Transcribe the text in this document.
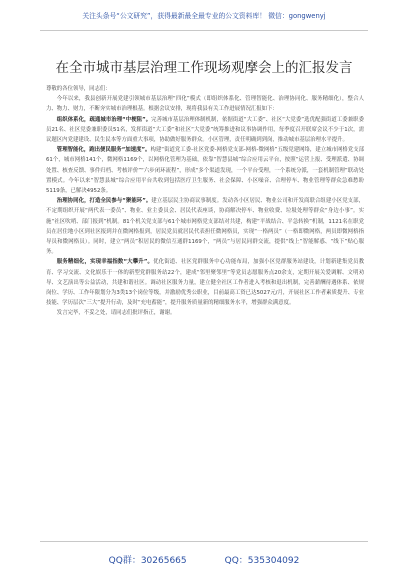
关注头条号“公文研究”，获得最新最全最专业的公文资料库！ 微信：gongwenyj
在全市城市基层治理工作现场观摩会上的汇报发言

尊敬的各位领导，同志们：

今年以来，我县创新开展党建引领城市基层治理“四化”模式（即组织体系化、管理智能化、治理协同化、服务精细化），整合人力、物力、财力，不断夯实城市治理根基。根据会议安排，现将我县有关工作进展情况汇报如下：

组织体系化，疏通城市治理“中梗阻”。完善城市基层治理体制机制，依据街道“大工委”、社区“大党委”选优配强街道工委兼职委员21名、社区党委兼职委员51名，发挥街道“大工委”和社区“大党委”统筹推进和议事协调作用，每季度召开联席会议不少于1次，需议题区内党建建设、民生民本等方面重大事项，协助做好服务群众。小区管理，责任明确到到岗，推动城市基层治理水平提升。

管理智能化，跑出便民服务“加速度”。构建“街道党工委-社区党委-网格党支部-网格-微网格”五级党建网络，建立城市网格党支部61个，城市网格141个，微网格1169个，以网格化管理为基础，依靠“智慧县城”综合应用云平台，按照“运营上报、受理派遣、协调处置、核查反馈、事件归档、考核评价”“六步闭环流程”，形成“多个渠道发现，一个平台受理，一个系统分派，一套机制管理”联动处置模式。今年以来“智慧县城”综合应用平台共收到包括医疗卫生服务、社会保障、小区噪音、合理停车、物业管理等群众急难愁盼5119条，已解决4952条。

治理协同化，打造全民参与“聚能环”。建立基层民主协商议事制度。发动各小区居民、物业公司和开发商联合组建小区党支部，不定期组织开展“两代表一委员”、物业、业主委员会、居民代表座谈，协商解决停车、物业收费、垃圾处理等群众“身边小事”。实施“社区吹哨、部门报到”机制。81个机关党支部与61个城市网格党支部结对共建，构建“平战结合、平急转换”机制，1121名在职党员在居住地小区到社区报到并在微网格报到，居民党员就居民代表担任微网格员，实现“一格两员”（一格即微网格，两员即微网格指导员和微网格员）。同时，建立“两员”积居民的微信互通群1169个，“两员”与居民同群交流，提供“线上”智能解惑、“线下”贴心服务。

服务精细化，实现幸福指数“大攀升”。优化街道、社区党群服务中心功能布局，加强小区党群服务站建设，计划新建集党员教育、学习交流、文化娱乐于一体的新型党群服务站22个，建成“邻里聚邻里”等党员志愿服务点20余支，定期开展关爱调解、文明劝导、文艺演出等公益活动，共建和谐社区。调动社区服务力量，建立健全社区工作者进入考核和退出机制，完善薪酬待遇体系、依规岗位、学历、工作年限划分为3类13个岗位等级，并激励优秀公职业，目前最高工资已达5027元/月，开展社区工作者素质提升、专业技能、学历层次“三大”提升行动，及时“充电蓄能”，提升服务质量新的精细服务水平，增强群众满意度。

发言完毕，不妥之处，请同志们批评指正，谢谢。

QQ群：30265665	QQ：535304092
